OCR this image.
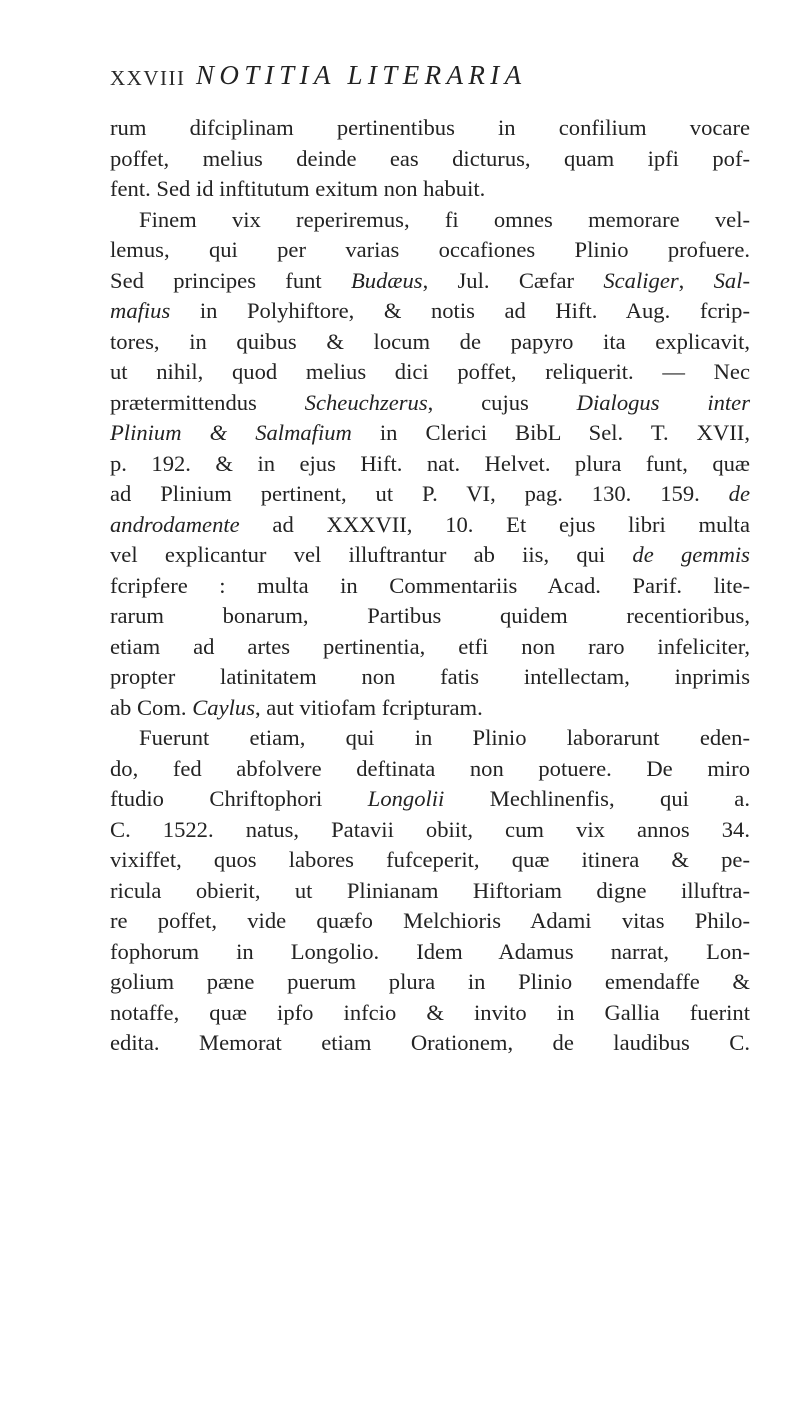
XXVIII NOTITIA LITERARIA
rum difciplinam pertinentibus in confilium vocare
poffet, melius deinde eas dicturus, quam ipfi pof-
fent. Sed id inftitutum exitum non habuit.
Finem vix reperiremus, fi omnes memorare vel-
lemus, qui per varias occafiones Plinio profuere.
Sed principes funt Budæus, Jul. Cæfar Scaliger, Sal-
mafius in Polyhiftore, & notis ad Hift. Aug. fcrip-
tores, in quibus & locum de papyro ita explicavit,
ut nihil, quod melius dici poffet, reliquerit. — Nec
prætermittendus Scheuchzerus, cujus Dialogus inter
Plinium & Salmafium in Clerici BibL Sel. T. XVII,
p. 192. & in ejus Hift. nat. Helvet. plura funt, quæ
ad Plinium pertinent, ut P. VI, pag. 130. 159. de
androdamente ad XXXVII, 10. Et ejus libri multa
vel explicantur vel illuftrantur ab iis, qui de gemmis
fcripfere : multa in Commentariis Acad. Parif. lite-
rarum bonarum, Partibus quidem recentioribus,
etiam ad artes pertinentia, etfi non raro infeliciter,
propter latinitatem non fatis intellectam, inprimis
ab Com. Caylus, aut vitiofam fcripturam.
Fuerunt etiam, qui in Plinio laborarunt eden-
do, fed abfolvere deftinata non potuere. De miro
ftudio Chriftophori Longolii Mechlinenfis, qui a.
C. 1522. natus, Patavii obiit, cum vix annos 34.
vixiffet, quos labores fufceperit, quæ itinera & pe-
ricula obierit, ut Plinianam Hiftoriam digne illuftra-
re poffet, vide quæfo Melchioris Adami vitas Philo-
fophorum in Longolio. Idem Adamus narrat, Lon-
golium pæne puerum plura in Plinio emendaffe &
notaffe, quæ ipfo infcio & invito in Gallia fuerint
edita. Memorat etiam Orationem, de laudibus C.
